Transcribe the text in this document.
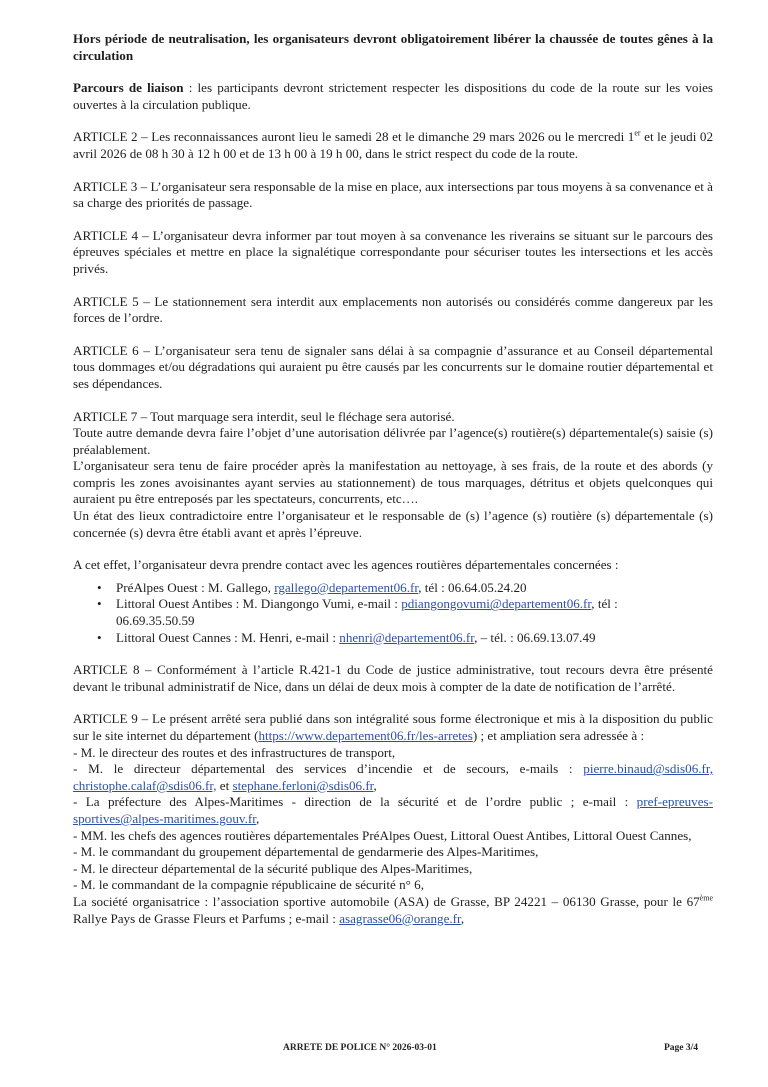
Hors période de neutralisation, les organisateurs devront obligatoirement libérer la chaussée de toutes gênes à la circulation

Parcours de liaison : les participants devront strictement respecter les dispositions du code de la route sur les voies ouvertes à la circulation publique.

ARTICLE 2 – Les reconnaissances auront lieu le samedi 28 et le dimanche 29 mars 2026 ou le mercredi 1er et le jeudi 02 avril 2026 de 08 h 30 à 12 h 00 et de 13 h 00 à 19 h 00, dans le strict respect du code de la route.

ARTICLE 3 – L’organisateur sera responsable de la mise en place, aux intersections par tous moyens à sa convenance et à sa charge des priorités de passage.

ARTICLE 4 – L’organisateur devra informer par tout moyen à sa convenance les riverains se situant sur le parcours des épreuves spéciales et mettre en place la signalétique correspondante pour sécuriser toutes les intersections et les accès privés.

ARTICLE 5 – Le stationnement sera interdit aux emplacements non autorisés ou considérés comme dangereux par les forces de l’ordre.

ARTICLE 6 – L’organisateur sera tenu de signaler sans délai à sa compagnie d’assurance et au Conseil départemental tous dommages et/ou dégradations qui auraient pu être causés par les concurrents sur le domaine routier départemental et ses dépendances.

ARTICLE 7 – Tout marquage sera interdit, seul le fléchage sera autorisé.

Toute autre demande devra faire l’objet d’une autorisation délivrée par l’agence(s) routière(s) départementale(s) saisie (s) préalablement.

L’organisateur sera tenu de faire procéder après la manifestation au nettoyage, à ses frais, de la route et des abords (y compris les zones avoisinantes ayant servies au stationnement) de tous marquages, détritus et objets quelconques qui auraient pu être entreposés par les spectateurs, concurrents, etc….

Un état des lieux contradictoire entre l’organisateur et le responsable de (s) l’agence (s) routière (s) départementale (s) concernée (s) devra être établi avant et après l’épreuve.

A cet effet, l’organisateur devra prendre contact avec les agences routières départementales concernées :

• PréAlpes Ouest : M. Gallego, rgallego@departement06.fr, tél : 06.64.05.24.20
• Littoral Ouest Antibes : M. Diangongo Vumi, e-mail : pdiangongovumi@departement06.fr, tél : 06.69.35.50.59
• Littoral Ouest Cannes : M. Henri, e-mail : nhenri@departement06.fr, – tél. : 06.69.13.07.49

ARTICLE 8 – Conformément à l’article R.421-1 du Code de justice administrative, tout recours devra être présenté devant le tribunal administratif de Nice, dans un délai de deux mois à compter de la date de notification de l’arrêté.

ARTICLE 9 – Le présent arrêté sera publié dans son intégralité sous forme électronique et mis à la disposition du public sur le site internet du département (https://www.departement06.fr/les-arretes) ; et ampliation sera adressée à :

- M. le directeur des routes et des infrastructures de transport,

- M. le directeur départemental des services d’incendie et de secours, e-mails : pierre.binaud@sdis06.fr, christophe.calaf@sdis06.fr, et stephane.ferloni@sdis06.fr,

- La préfecture des Alpes-Maritimes - direction de la sécurité et de l’ordre public ; e-mail : pref-epreuves-sportives@alpes-maritimes.gouv.fr,

- MM. les chefs des agences routières départementales PréAlpes Ouest, Littoral Ouest Antibes, Littoral Ouest Cannes,

- M. le commandant du groupement départemental de gendarmerie des Alpes-Maritimes,

- M. le directeur départemental de la sécurité publique des Alpes-Maritimes,

- M. le commandant de la compagnie républicaine de sécurité n° 6,

La société organisatrice : l’association sportive automobile (ASA) de Grasse, BP 24221 – 06130 Grasse, pour le 67ème Rallye Pays de Grasse Fleurs et Parfums ; e-mail : asagrasse06@orange.fr,

ARRETE DE POLICE N° 2026-03-01	Page 3/4
